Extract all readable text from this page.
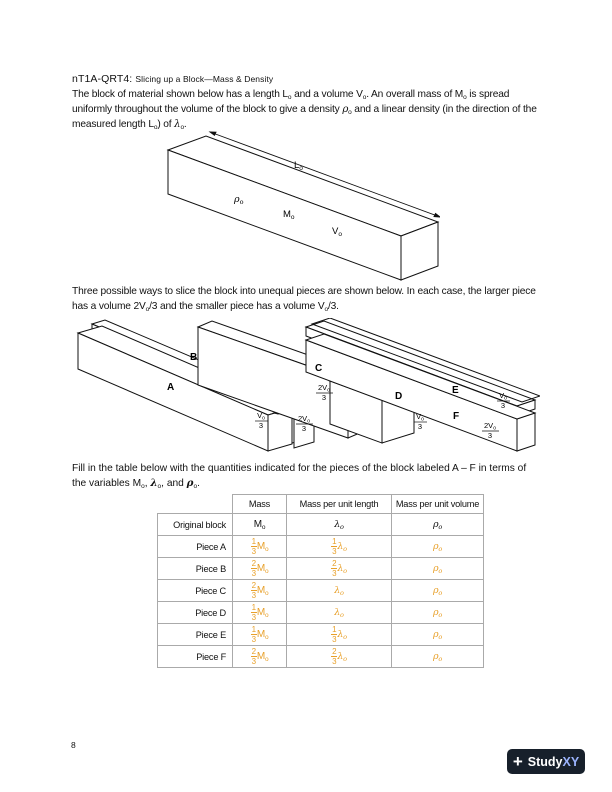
nT1A-QRT4: Slicing up a Block—Mass & Density
The block of material shown below has a length $L_o$ and a volume $V_o$. An overall mass of $M_o$ is spread uniformly throughout the volume of the block to give a density $\rho_o$ and a linear density (in the direction of the measured length $L_o$) of $\lambda_o$.
$L_o$
$\rho_o$
$M_o$
$V_o$
Three possible ways to slice the block into unequal pieces are shown below. In each case, the larger piece has a volume $2V_o/3$ and the smaller piece has a volume $V_o/3$.
A
B
C
D
E
F
$V_o$
3
$2V_o$
3
$2V_o$
3
$V_o$
3
$V_o$
3
$2V_o$
3
Fill in the table below with the quantities indicated for the pieces of the block labeled A – F in terms of the variables $M_o$, $\lambda_o$, and $\rho_o$.
	Mass	Mass per unit length	Mass per unit volume
Original block	$M_o$	$\lambda_o$	$\rho_o$
Piece A	$\frac{1}{3} M_o$	$\frac{1}{3} \lambda_o$	$\rho_o$
Piece B	$\frac{2}{3} M_o$	$\frac{2}{3} \lambda_o$	$\rho_o$
Piece C	$\frac{2}{3} M_o$	$\lambda_o$	$\rho_o$
Piece D	$\frac{1}{3} M_o$	$\lambda_o$	$\rho_o$
Piece E	$\frac{1}{3} M_o$	$\frac{1}{3} \lambda_o$	$\rho_o$
Piece F	$\frac{2}{3} M_o$	$\frac{2}{3} \lambda_o$	$\rho_o$
8
+ StudyXY
